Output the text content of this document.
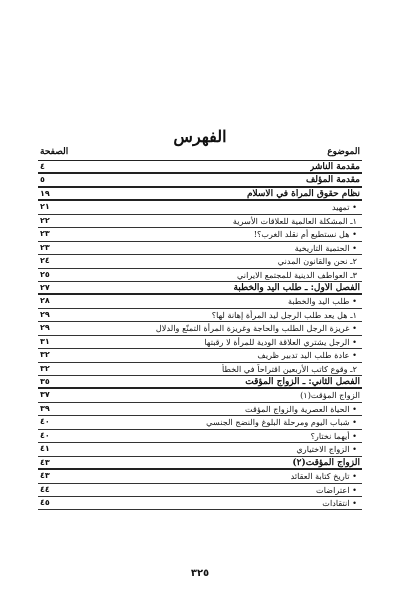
الفهرس
الموضوع
الصفحة
مقدمة الناشر
٤
مقدمة المؤلف
٥
نظام حقوق المرأة في الاسلام
١٩
• تمهيد
٢١
١ـ المشكلة العالمية للعلاقات الأسرية
٢٢
• هل نستطيع أم نقلد الغرب؟!
٢٣
• الحتمية التاريخية
٢٣
٢ـ نحن والقانون المدني
٢٤
٣ـ العواطف الدينية للمجتمع الايراني
٢٥
الفصل الأول: ـ طلب اليد والخطبة
٢٧
• طلب اليد والخطبة
٢٨
١ـ هل يعد طلب الرجل ليد المرأة إهانة لها؟
٢٩
• غريزة الرجل الطلب والحاجة وغريزة المرأة التمنّع والدلال
٢٩
• الرجل يشتري العلاقة الودية للمرأة لا رقبتها
٣١
• عادة طلب اليد تدبير ظريف
٣٢
٢ـ وقوع كاتب الأربعين اقتراحاً في الخطأ
٣٢
الفصل الثاني: ـ الزواج المؤقت
٣٥
الزواج المؤقت(١)
٣٧
• الحياة العصرية والزواج المؤقت
٣٩
• شباب اليوم ومرحلة البلوغ والنضج الجنسي
٤٠
• أيهما نختار؟
٤٠
• الزواج الاختياري
٤١
الزواج المؤقت(٢)
٤٣
• تاريخ كتابة العقائد
٤٣
• اعتراضات
٤٤
• انتقادات
٤٥
٣٢٥
